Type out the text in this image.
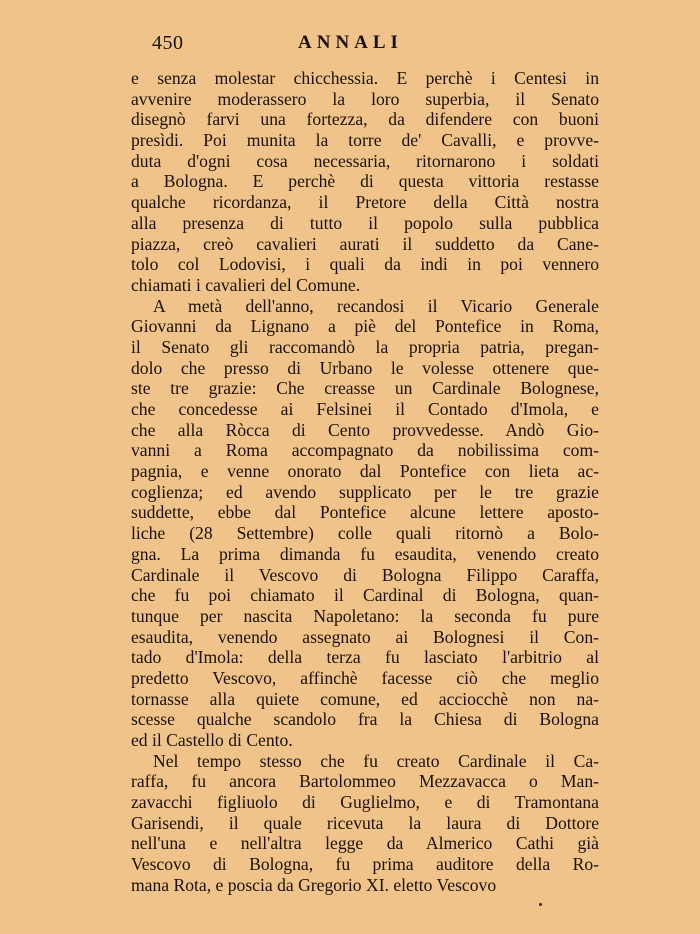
450	ANNALI
e senza molestar chicchessia. E perchè i Centesi in
avvenire moderassero la loro superbia, il Senato
disegnò farvi una fortezza, da difendere con buoni
presìdi. Poi munita la torre de' Cavalli, e provve-
duta d'ogni cosa necessaria, ritornarono i soldati
a Bologna. E perchè di questa vittoria restasse
qualche ricordanza, il Pretore della Città nostra
alla presenza di tutto il popolo sulla pubblica
piazza, creò cavalieri aurati il suddetto da Cane-
tolo col Lodovisi, i quali da indi in poi vennero
chiamati i cavalieri del Comune.
A metà dell'anno, recandosi il Vicario Generale
Giovanni da Lignano a piè del Pontefice in Roma,
il Senato gli raccomandò la propria patria, pregan-
dolo che presso di Urbano le volesse ottenere que-
ste tre grazie: Che creasse un Cardinale Bolognese,
che concedesse ai Felsinei il Contado d'Imola, e
che alla Ròcca di Cento provvedesse. Andò Gio-
vanni a Roma accompagnato da nobilissima com-
pagnia, e venne onorato dal Pontefice con lieta ac-
coglienza; ed avendo supplicato per le tre grazie
suddette, ebbe dal Pontefice alcune lettere aposto-
liche (28 Settembre) colle quali ritornò a Bolo-
gna. La prima dimanda fu esaudita, venendo creato
Cardinale il Vescovo di Bologna Filippo Caraffa,
che fu poi chiamato il Cardinal di Bologna, quan-
tunque per nascita Napoletano: la seconda fu pure
esaudita, venendo assegnato ai Bolognesi il Con-
tado d'Imola: della terza fu lasciato l'arbitrio al
predetto Vescovo, affinchè facesse ciò che meglio
tornasse alla quiete comune, ed acciocchè non na-
scesse qualche scandolo fra la Chiesa di Bologna
ed il Castello di Cento.
Nel tempo stesso che fu creato Cardinale il Ca-
raffa, fu ancora Bartolommeo Mezzavacca o Man-
zavacchi figliuolo di Guglielmo, e di Tramontana
Garisendi, il quale ricevuta la laura di Dottore
nell'una e nell'altra legge da Almerico Cathi già
Vescovo di Bologna, fu prima auditore della Ro-
mana Rota, e poscia da Gregorio XI. eletto Vescovo
